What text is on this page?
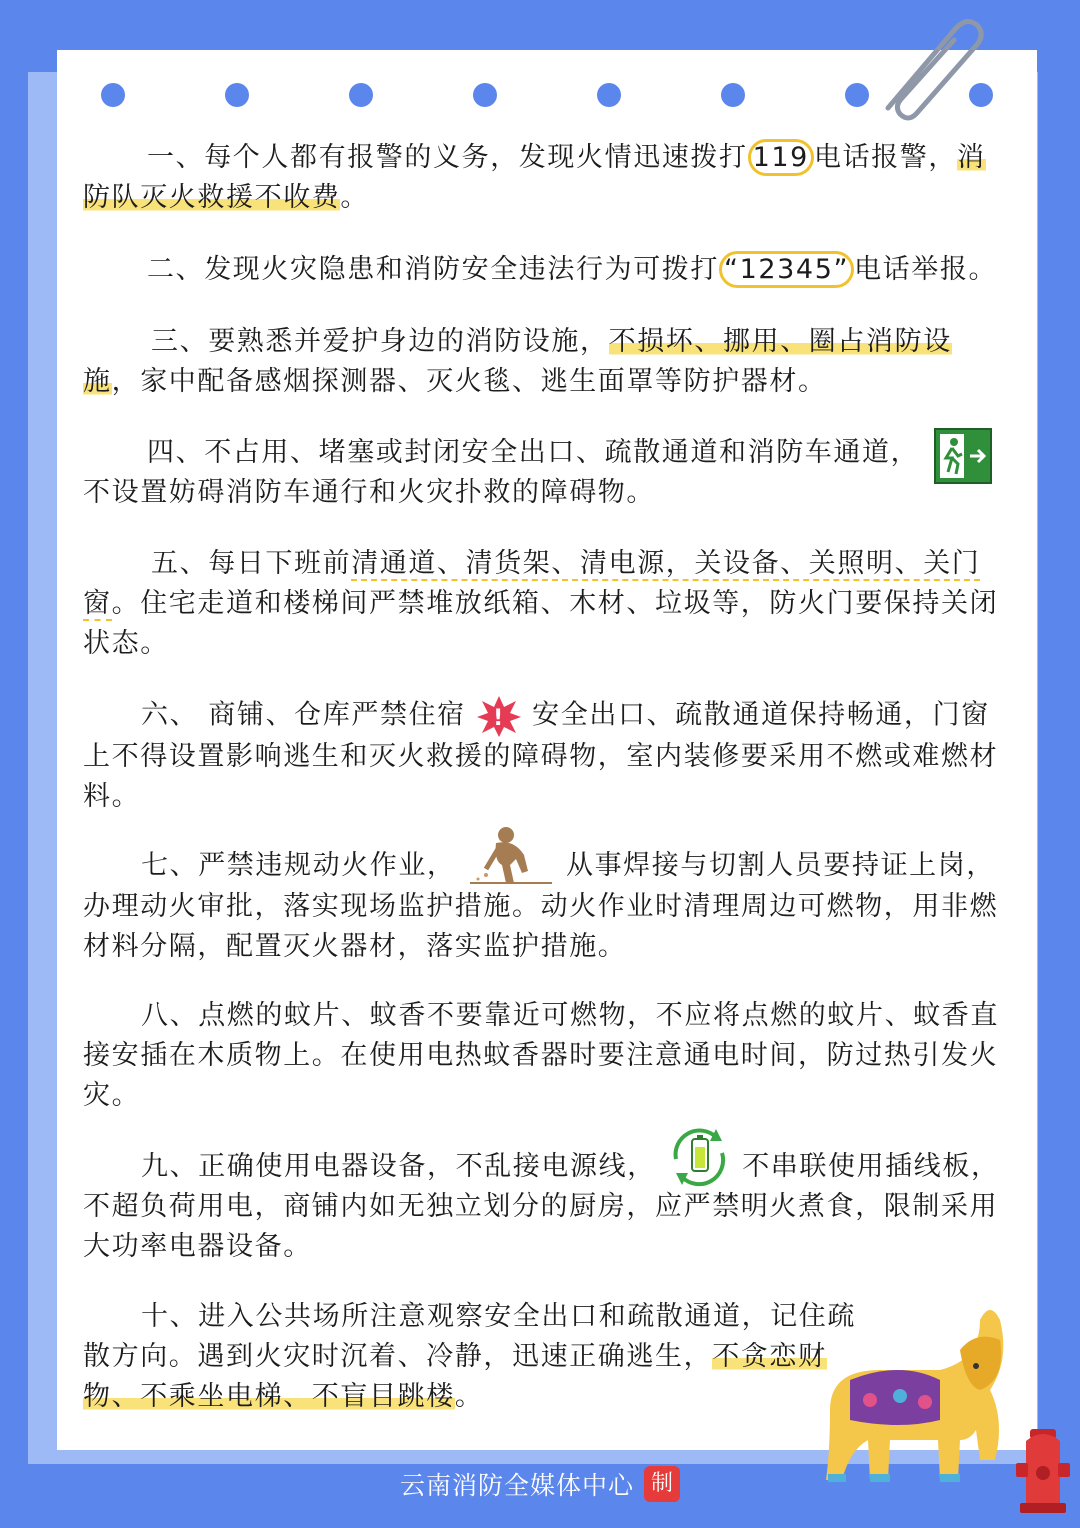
一、每个人都有报警的义务，发现火情迅速拨打 119 电话报警，消防队灭火救援不收费。
二、发现火灾隐患和消防安全违法行为可拨打 “12345” 电话举报。
三、要熟悉并爱护身边的消防设施，不损坏、挪用、圈占消防设施，家中配备感烟探测器、灭火毯、逃生面罩等防护器材。
四、不占用、堵塞或封闭安全出口、疏散通道和消防车通道，不设置妨碍消防车通行和火灾扑救的障碍物。
五、每日下班前清通道、清货架、清电源，关设备、关照明、关门窗。住宅走道和楼梯间严禁堆放纸箱、木材、垃圾等，防火门要保持关闭状态。
六、 商铺、仓库严禁住宿 ! 安全出口、疏散通道保持畅通，门窗上不得设置影响逃生和灭火救援的障碍物，室内装修要采用不燃或难燃材料。
七、严禁违规动火作业，	从事焊接与切割人员要持证上岗，办理动火审批，落实现场监护措施。动火作业时清理周边可燃物，用非燃材料分隔，配置灭火器材，落实监护措施。
八、点燃的蚊片、蚊香不要靠近可燃物，不应将点燃的蚊片、蚊香直接安插在木质物上。在使用电热蚊香器时要注意通电时间，防过热引发火灾。
九、正确使用电器设备，不乱接电源线，	不串联使用插线板，不超负荷用电，商铺内如无独立划分的厨房，应严禁明火煮食，限制采用大功率电器设备。
十、进入公共场所注意观察安全出口和疏散通道，记住疏散方向。遇到火灾时沉着、冷静，迅速正确逃生，不贪恋财物、不乘坐电梯、不盲目跳楼。
云南消防全媒体中心 制
